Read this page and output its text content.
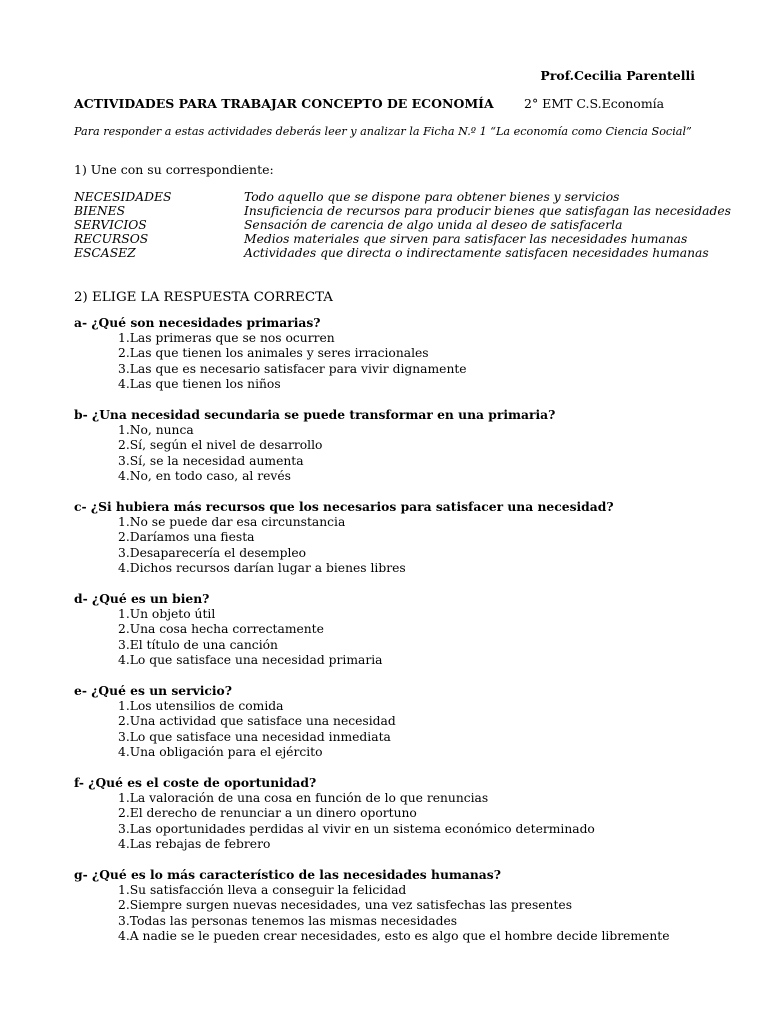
Prof.Cecilia Parentelli
ACTIVIDADES PARA TRABAJAR CONCEPTO DE ECONOMÍA 2° EMT C.S.Economía
Para responder a estas actividades deberás leer y analizar la Ficha N.º 1 “La economía como Ciencia Social”
1) Une con su correspondiente:
NECESIDADES	Todo aquello que se dispone para obtener bienes y servicios
BIENES	Insuficiencia de recursos para producir bienes que satisfagan las necesidades
SERVICIOS	Sensación de carencia de algo unida al deseo de satisfacerla
RECURSOS	Medios materiales que sirven para satisfacer las necesidades humanas
ESCASEZ	Actividades que directa o indirectamente satisfacen necesidades humanas
2) ELIGE LA RESPUESTA CORRECTA
a- ¿Qué son necesidades primarias?
1.Las primeras que se nos ocurren
2.Las que tienen los animales y seres irracionales
3.Las que es necesario satisfacer para vivir dignamente
4.Las que tienen los niños
b- ¿Una necesidad secundaria se puede transformar en una primaria?
1.No, nunca
2.Sí, según el nivel de desarrollo
3.Sí, se la necesidad aumenta
4.No, en todo caso, al revés
c- ¿Si hubiera más recursos que los necesarios para satisfacer una necesidad?
1.No se puede dar esa circunstancia
2.Daríamos una fiesta
3.Desaparecería el desempleo
4.Dichos recursos darían lugar a bienes libres
d- ¿Qué es un bien?
1.Un objeto útil
2.Una cosa hecha correctamente
3.El título de una canción
4.Lo que satisface una necesidad primaria
e- ¿Qué es un servicio?
1.Los utensilios de comida
2.Una actividad que satisface una necesidad
3.Lo que satisface una necesidad inmediata
4.Una obligación para el ejército
f- ¿Qué es el coste de oportunidad?
1.La valoración de una cosa en función de lo que renuncias
2.El derecho de renunciar a un dinero oportuno
3.Las oportunidades perdidas al vivir en un sistema económico determinado
4.Las rebajas de febrero
g- ¿Qué es lo más característico de las necesidades humanas?
1.Su satisfacción lleva a conseguir la felicidad
2.Siempre surgen nuevas necesidades, una vez satisfechas las presentes
3.Todas las personas tenemos las mismas necesidades
4.A nadie se le pueden crear necesidades, esto es algo que el hombre decide libremente
